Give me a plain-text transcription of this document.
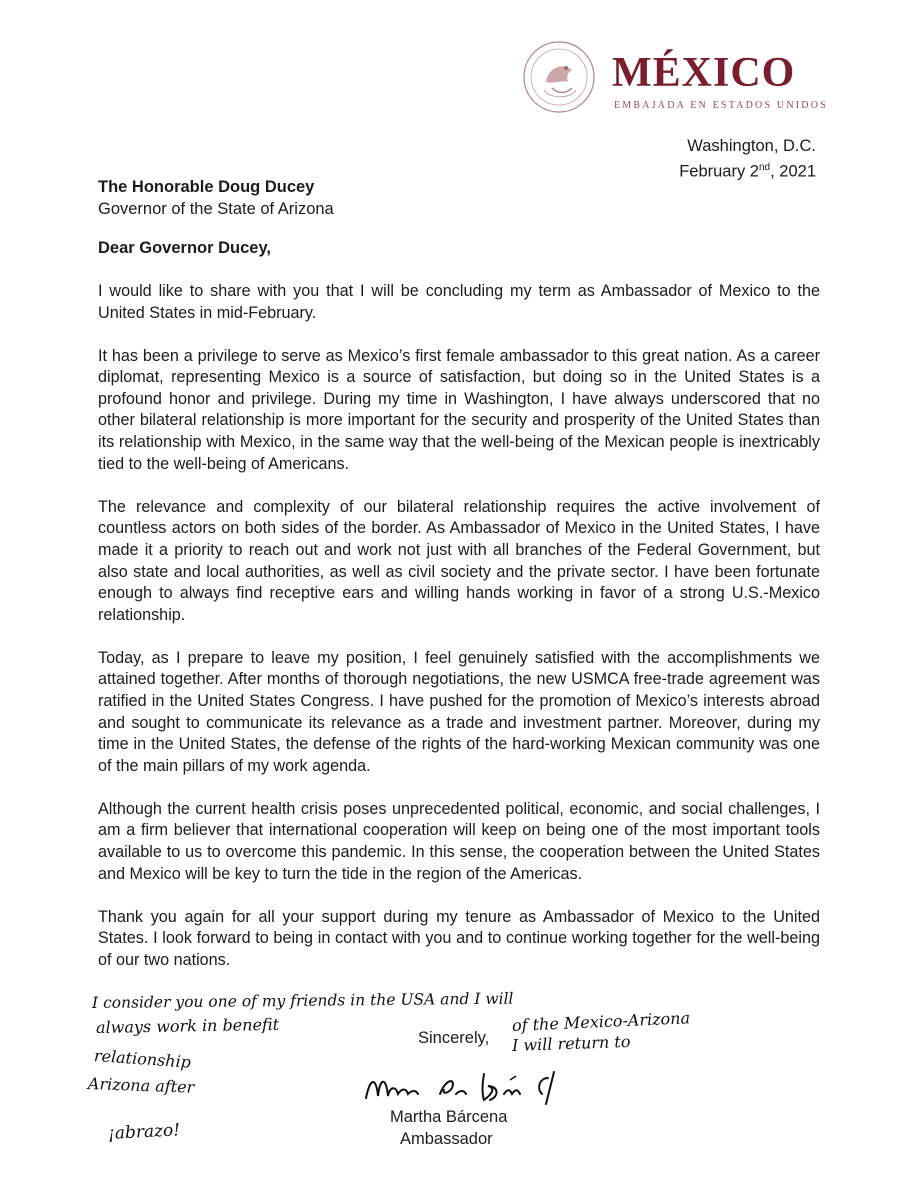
MÉXICO
EMBAJADA EN ESTADOS UNIDOS
Washington, D.C.
February 2nd, 2021
The Honorable Doug Ducey
Governor of the State of Arizona
Dear Governor Ducey,

I would like to share with you that I will be concluding my term as Ambassador of Mexico to the United States in mid-February.

It has been a privilege to serve as Mexico’s first female ambassador to this great nation. As a career diplomat, representing Mexico is a source of satisfaction, but doing so in the United States is a profound honor and privilege. During my time in Washington, I have always underscored that no other bilateral relationship is more important for the security and prosperity of the United States than its relationship with Mexico, in the same way that the well-being of the Mexican people is inextricably tied to the well-being of Americans.

The relevance and complexity of our bilateral relationship requires the active involvement of countless actors on both sides of the border. As Ambassador of Mexico in the United States, I have made it a priority to reach out and work not just with all branches of the Federal Government, but also state and local authorities, as well as civil society and the private sector. I have been fortunate enough to always find receptive ears and willing hands working in favor of a strong U.S.-Mexico relationship.

Today, as I prepare to leave my position, I feel genuinely satisfied with the accomplishments we attained together. After months of thorough negotiations, the new USMCA free-trade agreement was ratified in the United States Congress. I have pushed for the promotion of Mexico’s interests abroad and sought to communicate its relevance as a trade and investment partner. Moreover, during my time in the United States, the defense of the rights of the hard-working Mexican community was one of the main pillars of my work agenda.

Although the current health crisis poses unprecedented political, economic, and social challenges, I am a firm believer that international cooperation will keep on being one of the most important tools available to us to overcome this pandemic. In this sense, the cooperation between the United States and Mexico will be key to turn the tide in the region of the Americas.

Thank you again for all your support during my tenure as Ambassador of Mexico to the United States. I look forward to being in contact with you and to continue working together for the well-being of our two nations.

Sincerely,
Martha Bárcena
Ambassador
I consider you one of my friends in the USA and I will
always work in benefit	of the Mexico-Arizona
relationship
I will return to
Arizona after
¡abrazo!
